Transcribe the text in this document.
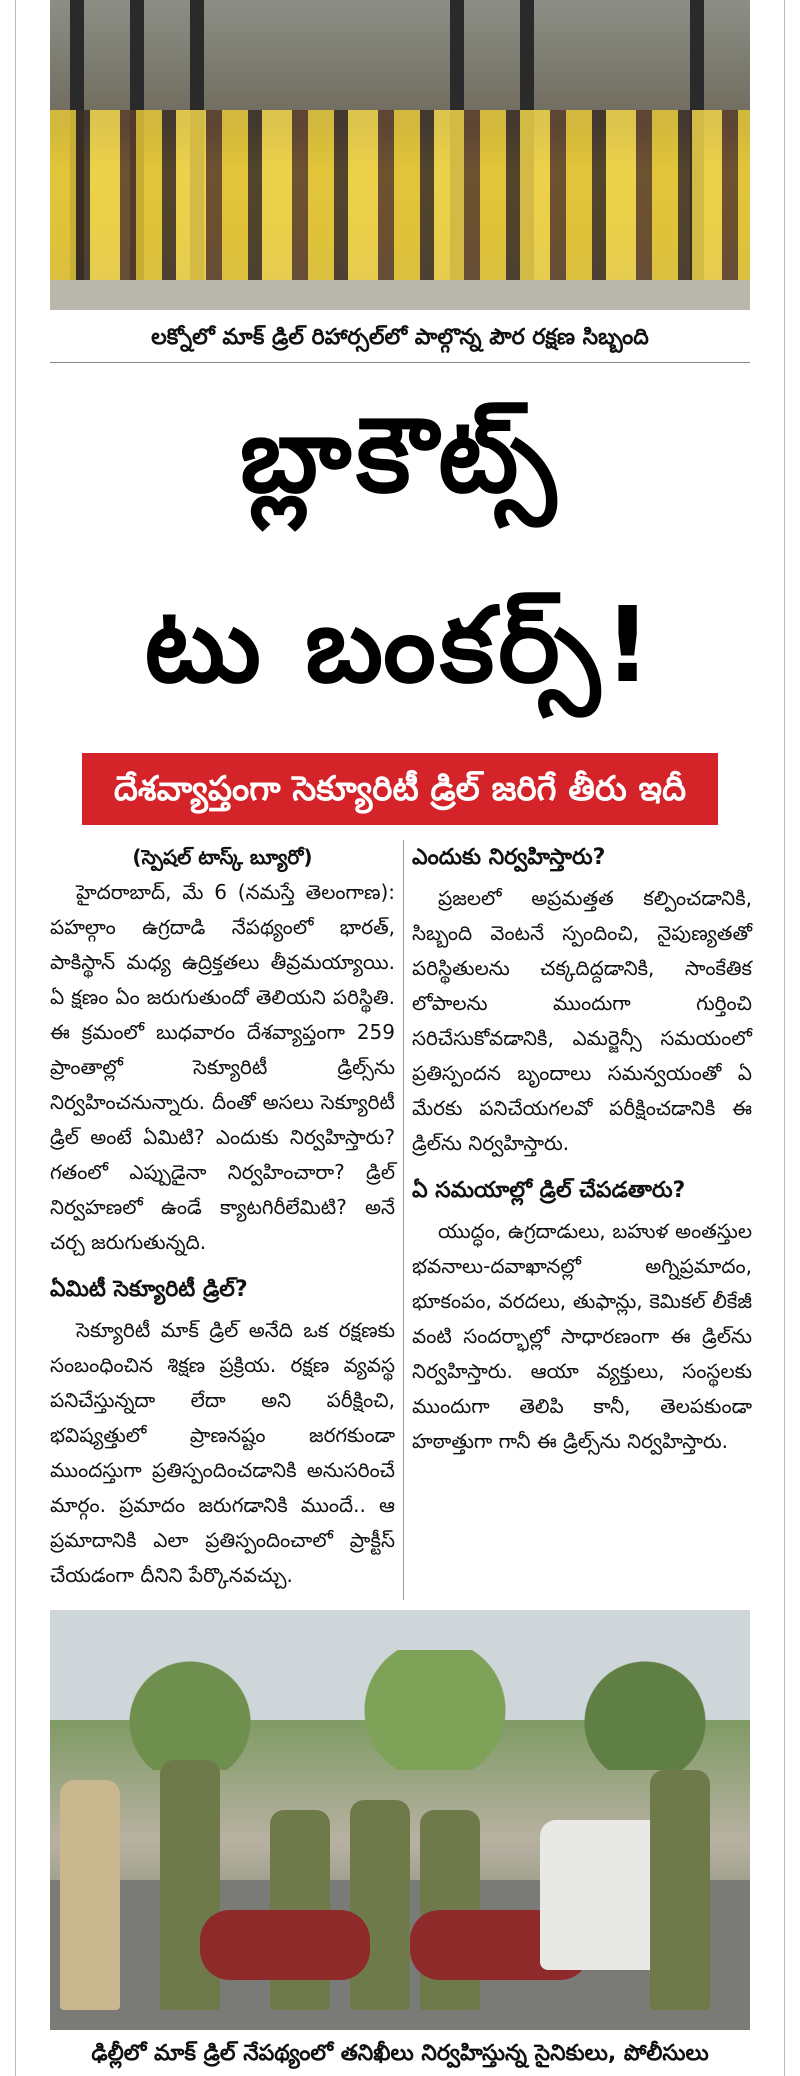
లక్నోలో మాక్‌ డ్రిల్‌ రిహార్సల్‌లో పాల్గొన్న పౌర రక్షణ సిబ్బంది
బ్లాకౌట్స్‌
టు బంకర్స్‌!
దేశవ్యాప్తంగా సెక్యూరిటీ డ్రిల్‌ జరిగే తీరు ఇదీ
(స్పెషల్‌ టాస్క్‌ బ్యూరో)

హైదరాబాద్‌, మే 6 (నమస్తే తెలంగాణ): పహల్గాం ఉగ్రదాడి నేపథ్యంలో భారత్‌, పాకిస్థాన్‌ మధ్య ఉద్రిక్తతలు తీవ్రమయ్యాయి. ఏ క్షణం ఏం జరుగుతుందో తెలియని పరిస్థితి. ఈ క్రమంలో బుధవారం దేశవ్యాప్తంగా 259 ప్రాంతాల్లో సెక్యూరిటీ డ్రిల్స్‌ను నిర్వహించనున్నారు. దీంతో అసలు సెక్యూరిటీ డ్రిల్‌ అంటే ఏమిటి? ఎందుకు నిర్వహిస్తారు? గతంలో ఎప్పుడైనా నిర్వహించారా? డ్రిల్‌ నిర్వహణలో ఉండే క్యాటగిరీలేమిటి? అనే చర్చ జరుగుతున్నది.

ఏమిటీ సెక్యూరిటీ డ్రిల్‌?

సెక్యూరిటీ మాక్‌ డ్రిల్‌ అనేది ఒక రక్షణకు సంబంధించిన శిక్షణ ప్రక్రియ. రక్షణ వ్యవస్థ పనిచేస్తున్నదా లేదా అని పరీక్షించి, భవిష్యత్తులో ప్రాణనష్టం జరగకుండా ముందస్తుగా ప్రతిస్పందించడానికి అనుసరించే మార్గం. ప్రమాదం జరుగడానికి ముందే.. ఆ ప్రమాదానికి ఎలా ప్రతిస్పందించాలో ప్రాక్టీస్‌ చేయడంగా దీనిని పేర్కొనవచ్చు.

ఎందుకు నిర్వహిస్తారు?

ప్రజలలో అప్రమత్తత కల్పించడానికి, సిబ్బంది వెంటనే స్పందించి, నైపుణ్యతతో పరిస్థితులను చక్కదిద్దడానికి, సాంకేతిక లోపాలను ముందుగా గుర్తించి సరిచేసుకోవడానికి, ఎమర్జెన్సీ సమయంలో ప్రతిస్పందన బృందాలు సమన్వయంతో ఏ మేరకు పనిచేయగలవో పరీక్షించడానికి ఈ డ్రిల్‌ను నిర్వహిస్తారు.

ఏ సమయాల్లో డ్రిల్‌ చేపడతారు?

యుద్ధం, ఉగ్రదాడులు, బహుళ అంతస్తుల భవనాలు-దవాఖానల్లో అగ్నిప్రమాదం, భూకంపం, వరదలు, తుఫాన్లు, కెమికల్‌ లీకేజీ వంటి సందర్భాల్లో సాధారణంగా ఈ డ్రిల్‌ను నిర్వహిస్తారు. ఆయా వ్యక్తులు, సంస్థలకు ముందుగా తెలిపి కానీ, తెలపకుండా హఠాత్తుగా గానీ ఈ డ్రిల్స్‌ను నిర్వహిస్తారు.

ఢిల్లీలో మాక్‌ డ్రిల్‌ నేపథ్యంలో తనిఖీలు నిర్వహిస్తున్న సైనికులు, పోలీసులు
